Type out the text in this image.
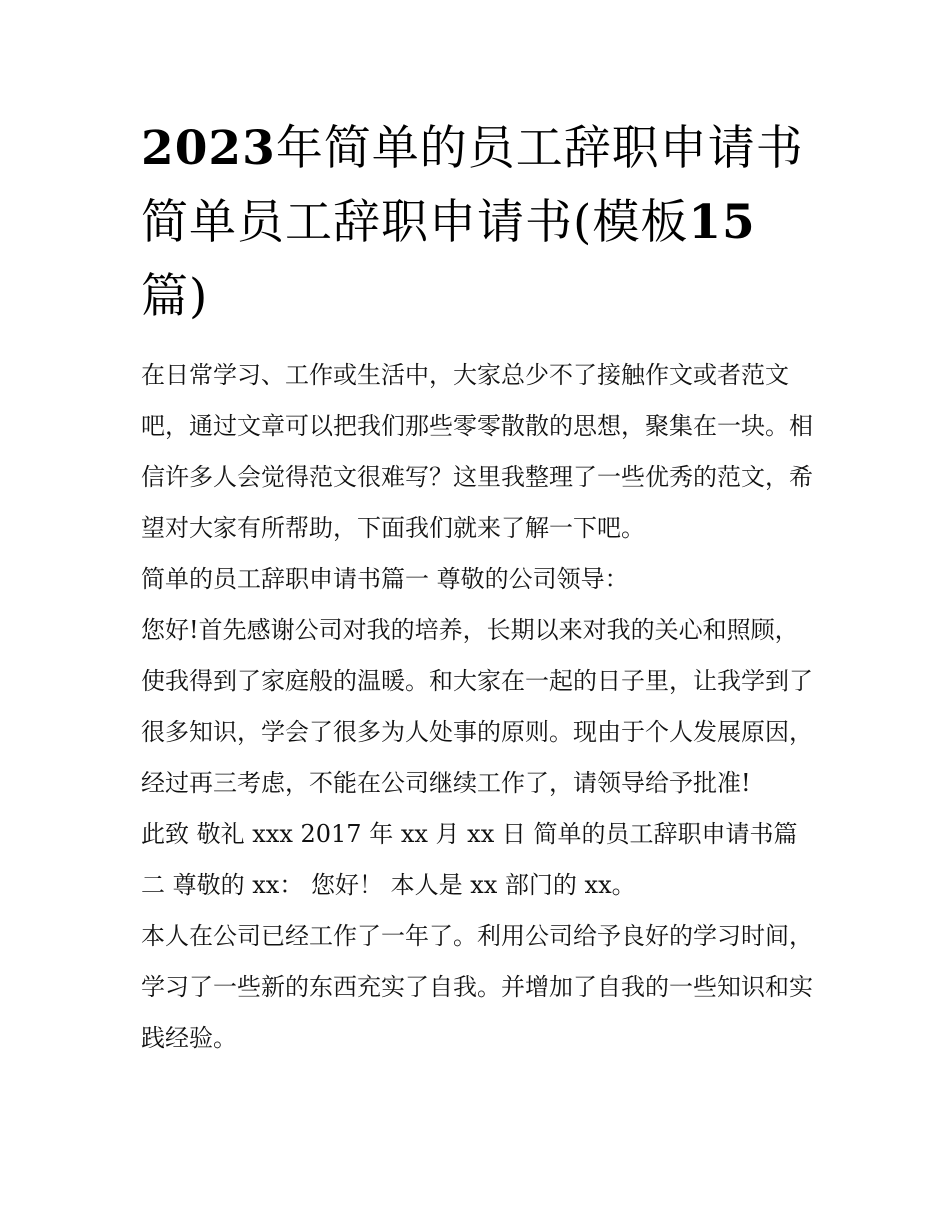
2023年简单的员工辞职申请书
简单员工辞职申请书(模板15
篇)

在日常学习、工作或生活中，大家总少不了接触作文或者范文吧，通过文章可以把我们那些零零散散的思想，聚集在一块。相信许多人会觉得范文很难写？这里我整理了一些优秀的范文，希望对大家有所帮助，下面我们就来了解一下吧。

简单的员工辞职申请书篇一 尊敬的公司领导：

您好!首先感谢公司对我的培养，长期以来对我的关心和照顾，使我得到了家庭般的温暖。和大家在一起的日子里，让我学到了很多知识，学会了很多为人处事的原则。现由于个人发展原因，经过再三考虑，不能在公司继续工作了，请领导给予批准!

此致 敬礼 xxx 2017 年 xx 月 xx 日 简单的员工辞职申请书篇二 尊敬的 xx： 您好！ 本人是 xx 部门的 xx。

本人在公司已经工作了一年了。利用公司给予良好的学习时间，学习了一些新的东西充实了自我。并增加了自我的一些知识和实践经验。
